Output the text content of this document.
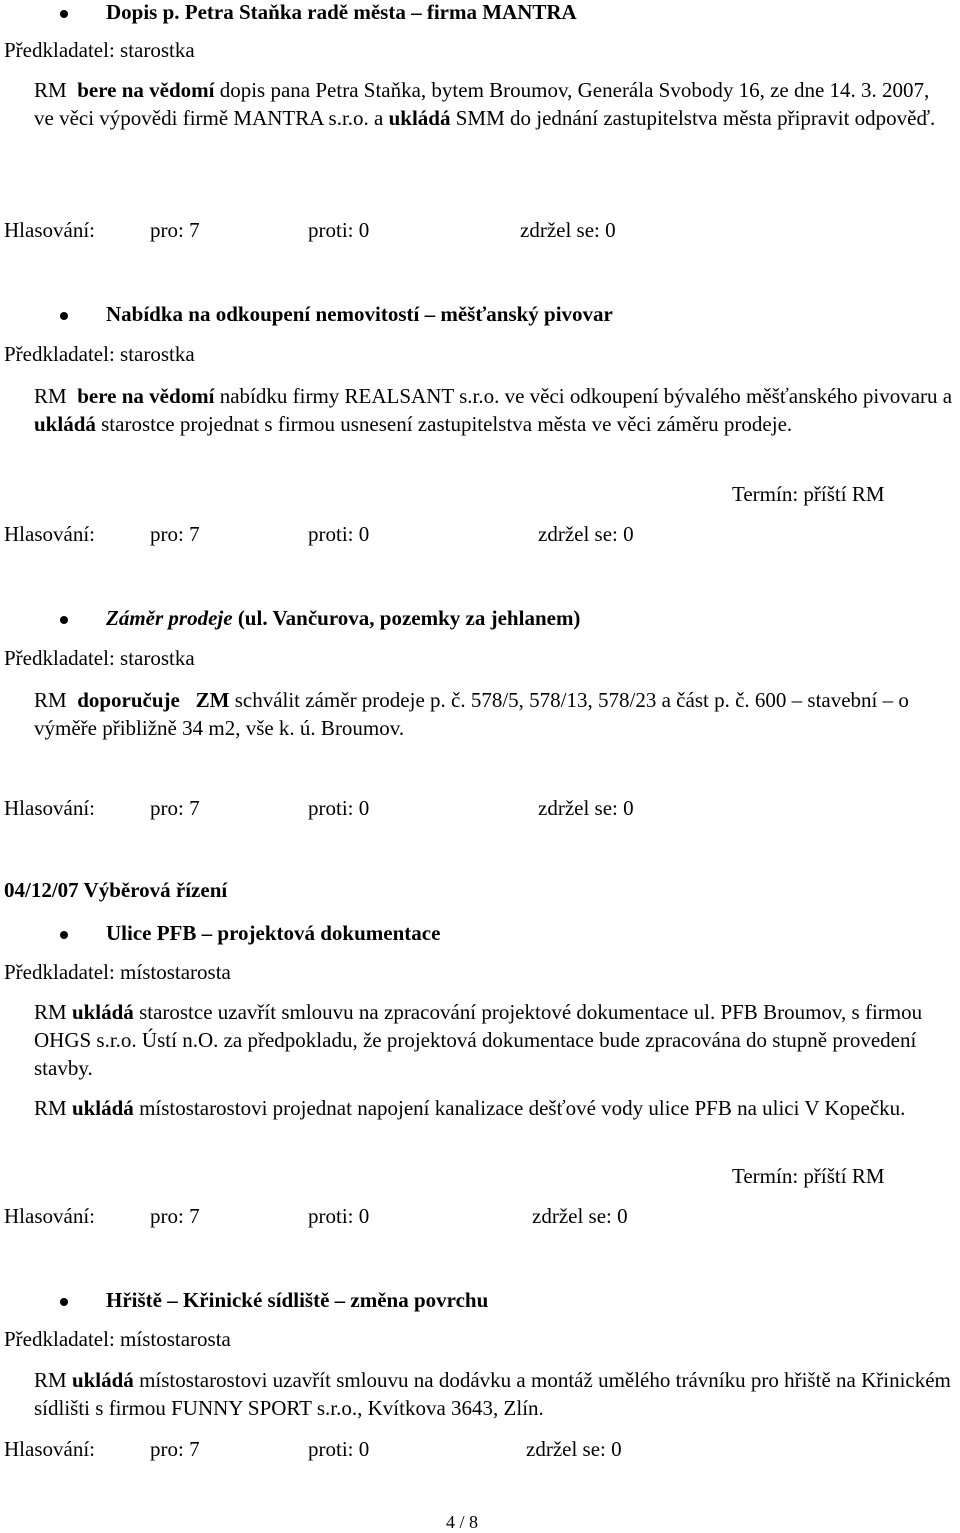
Dopis p. Petra Staňka radě města – firma MANTRA
Předkladatel: starostka
RM bere na vědomí dopis pana Petra Staňka, bytem Broumov, Generála Svobody 16, ze dne 14. 3. 2007, ve věci výpovědi firmě MANTRA s.r.o. a ukládá SMM do jednání zastupitelstva města připravit odpověď.
Hlasování:	pro: 7	proti: 0	zdržel se: 0
Nabídka na odkoupení nemovitostí – měšťanský pivovar
Předkladatel: starostka
RM bere na vědomí nabídku firmy REALSANT s.r.o. ve věci odkoupení bývalého měšťanského pivovaru a ukládá starostce projednat s firmou usnesení zastupitelstva města ve věci záměru prodeje.
Termín: příští RM
Hlasování:	pro: 7	proti: 0	zdržel se: 0
Záměr prodeje (ul. Vančurova, pozemky za jehlanem)
Předkladatel: starostka
RM doporučuje ZM schválit záměr prodeje p. č. 578/5, 578/13, 578/23 a část p. č. 600 – stavební – o výměře přibližně 34 m2, vše k. ú. Broumov.
Hlasování:	pro: 7	proti: 0	zdržel se: 0
04/12/07 Výběrová řízení
Ulice PFB – projektová dokumentace
Předkladatel: místostarosta
RM ukládá starostce uzavřít smlouvu na zpracování projektové dokumentace ul. PFB Broumov, s firmou OHGS s.r.o. Ústí n.O. za předpokladu, že projektová dokumentace bude zpracována do stupně provedení stavby.
RM ukládá místostarostovi projednat napojení kanalizace dešťové vody ulice PFB na ulici V Kopečku.
Termín: příští RM
Hlasování:	pro: 7	proti: 0	zdržel se: 0
Hřiště – Křinické sídliště – změna povrchu
Předkladatel: místostarosta
RM ukládá místostarostovi uzavřít smlouvu na dodávku a montáž umělého trávníku pro hřiště na Křinickém sídlišti s firmou FUNNY SPORT s.r.o., Kvítkova 3643, Zlín.
Hlasování:	pro: 7	proti: 0	zdržel se: 0
4 / 8
